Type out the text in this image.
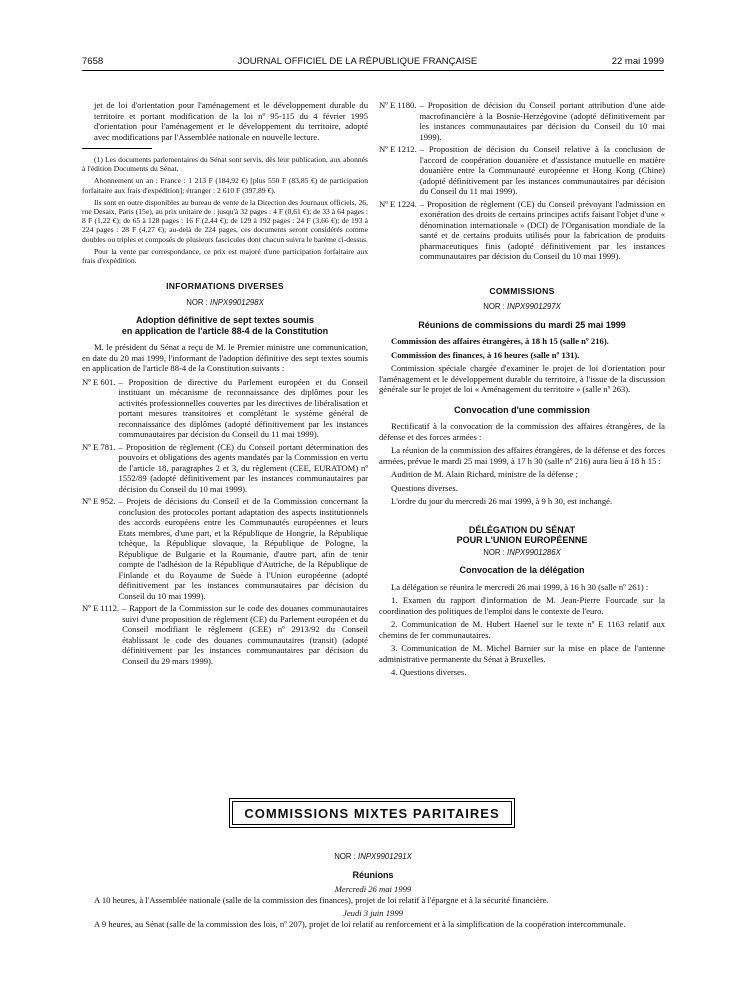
7658	JOURNAL OFFICIEL DE LA RÉPUBLIQUE FRANÇAISE	22 mai 1999

jet de loi d'orientation pour l'aménagement et le développement durable du territoire et portant modification de la loi nº 95-115 du 4 février 1995 d'orientation pour l'aménagement et le développement du territoire, adopté avec modifications par l'Assemblée nationale en nouvelle lecture.

(1) Les documents parlementaires du Sénat sont servis, dès leur publication, aux abonnés à l'édition Documents du Sénat.

Abonnement un an : France : 1 213 F (184,92 €) [plus 550 F (83,85 €) de participation forfaitaire aux frais d'expédition]; étranger : 2 610 F (397,89 €).

Ils sont en outre disponibles au bureau de vente de la Direction des Journaux officiels, 26, rue Desaix, Paris (15e), au prix unitaire de : jusqu'à 32 pages : 4 F (0,61 €); de 33 à 64 pages : 8 F (1,22 €); de 65 à 128 pages : 16 F (2,44 €); de 129 à 192 pages : 24 F (3,66 €); de 193 à 224 pages : 28 F (4,27 €); au-delà de 224 pages, ces documents seront considérés comme doubles ou triples et composés de plusieurs fascicules dont chacun suivra le barème ci-dessus.

Pour la vente par correspondance, ce prix est majoré d'une participation forfaitaire aux frais d'expédition.

INFORMATIONS DIVERSES
NOR : INPX9901298X
Adoption définitive de sept textes soumis
en application de l'article 88-4 de la Constitution

M. le président du Sénat a reçu de M. le Premier ministre une communication, en date du 20 mai 1999, l'informant de l'adoption définitive des sept textes soumis en application de l'article 88-4 de la Constitution suivants :

Nº E 601. – Proposition de directive du Parlement européen et du Conseil instituant un mécanisme de reconnaissance des diplômes pour les activités professionnelles couvertes par les directives de libéralisation et portant mesures transitoires et complétant le système général de reconnaissance des diplômes (adopté définitivement par les instances communautaires par décision du Conseil du 11 mai 1999).
Nº E 781. – Proposition de règlement (CE) du Conseil portant détermination des pouvoirs et obligations des agents mandatés par la Commission en vertu de l'article 18, paragraphes 2 et 3, du règlement (CEE, EURATOM) nº 1552/89 (adopté définitivement par les instances communautaires par décision du Conseil du 10 mai 1999).
Nº E 952. – Projets de décisions du Conseil et de la Commission concernant la conclusion des protocoles portant adaptation des aspects institutionnels des accords européens entre les Communautés européennes et leurs Etats membres, d'une part, et la République de Hongrie, la République tchèque, la République slovaque, la République de Pologne, la République de Bulgarie et la Roumanie, d'autre part, afin de tenir compte de l'adhésion de la République d'Autriche, de la République de Finlande et du Royaume de Suède à l'Union européenne (adopté définitivement par les instances communautaires par décision du Conseil du 10 mai 1999).
Nº E 1112. – Rapport de la Commission sur le code des douanes communautaires suivi d'une proposition de règlement (CE) du Parlement européen et du Conseil modifiant le règlement (CEE) nº 2913/92 du Conseil établissant le code des douanes communautaires (transit) (adopté définitivement par les instances communautaires par décision du Conseil du 29 mars 1999).
Nº E 1180. – Proposition de décision du Conseil portant attribution d'une aide macrofinancière à la Bosnie-Herzégovine (adopté définitivement par les instances communautaires par décision du Conseil du 10 mai 1999).
Nº E 1212. – Proposition de décision du Conseil relative à la conclusion de l'accord de coopération douanière et d'assistance mutuelle en matière douanière entre la Communauté européenne et Hong Kong (Chine) (adopté définitivement par les instances communautaires par décision du Conseil du 11 mai 1999).
Nº E 1224. – Proposition de règlement (CE) du Conseil prévoyant l'admission en exonération des droits de certains principes actifs faisant l'objet d'une « dénomination internationale » (DCI) de l'Organisation mondiale de la santé et de certains produits utilisés pour la fabrication de produits pharmaceutiques finis (adopté définitivement par les instances communautaires par décision du Conseil du 10 mai 1999).
COMMISSIONS
NOR : INPX9901297X
Réunions de commissions du mardi 25 mai 1999

Commission des affaires étrangères, à 18 h 15 (salle nº 216).

Commission des finances, à 16 heures (salle nº 131).

Commission spéciale chargée d'examiner le projet de loi d'orientation pour l'aménagement et le développement durable du territoire, à l'issue de la discussion générale sur le projet de loi « Aménagement du territoire » (salle nº 263).

Convocation d'une commission

Rectificatif à la convocation de la commission des affaires étrangères, de la défense et des forces armées :

La réunion de la commission des affaires étrangères, de la défense et des forces armées, prévue le mardi 25 mai 1999, à 17 h 30 (salle nº 216) aura lieu à 18 h 15 :

Audition de M. Alain Richard, ministre de la défense ;

Questions diverses.

L'ordre du jour du mercredi 26 mai 1999, à 9 h 30, est inchangé.

DÉLÉGATION DU SÉNAT
POUR L'UNION EUROPÉENNE
NOR : INPX9901286X
Convocation de la délégation

La délégation se réunira le mercredi 26 mai 1999, à 16 h 30 (salle nº 261) :

1. Examen du rapport d'information de M. Jean-Pierre Fourcade sur la coordination des politiques de l'emploi dans le contexte de l'euro.

2. Communication de M. Hubert Haenel sur le texte nº E 1163 relatif aux chemins de fer communautaires.

3. Communication de M. Michel Barnier sur la mise en place de l'antenne administrative permanente du Sénat à Bruxelles.

4. Questions diverses.

COMMISSIONS MIXTES PARITAIRES
NOR : INPX9901291X
Réunions
Mercredi 26 mai 1999

A 10 heures, à l'Assemblée nationale (salle de la commission des finances), projet de loi relatif à l'épargne et à la sécurité financière.

Jeudi 3 juin 1999

A 9 heures, au Sénat (salle de la commission des lois, nº 207), projet de loi relatif au renforcement et à la simplification de la coopération intercommunale.
